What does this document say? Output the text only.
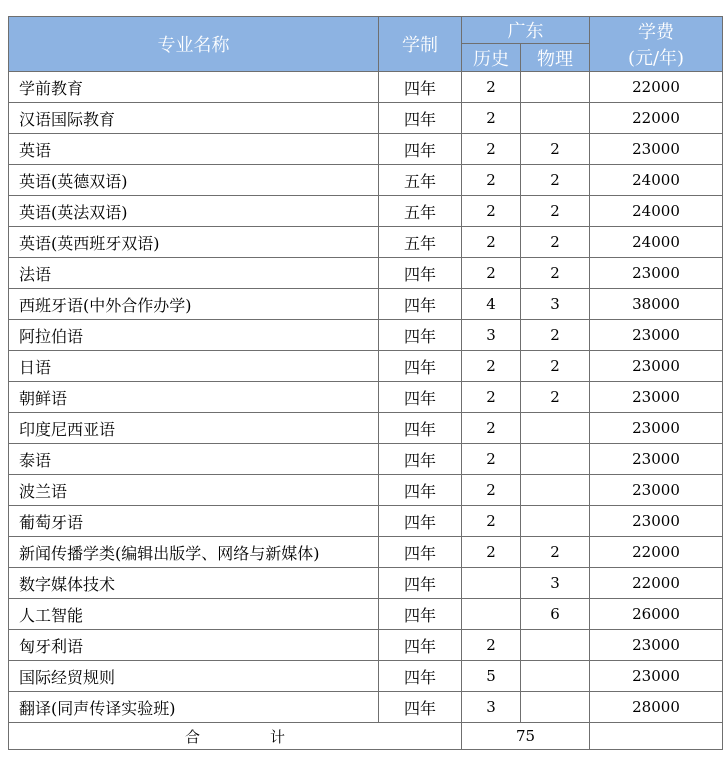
专业名称	学制	广东		学费
(元/年)

		历史	物理	
学前教育	四年	2		22000
汉语国际教育	四年	2		22000
英语	四年	2	2	23000
英语(英德双语)	五年	2	2	24000
英语(英法双语)	五年	2	2	24000
英语(英西班牙双语)	五年	2	2	24000
法语	四年	2	2	23000
西班牙语(中外合作办学)	四年	4	3	38000
阿拉伯语	四年	3	2	23000
日语	四年	2	2	23000
朝鲜语	四年	2	2	23000
印度尼西亚语	四年	2		23000
泰语	四年	2		23000
波兰语	四年	2		23000
葡萄牙语	四年	2		23000
新闻传播学类(编辑出版学、网络与新媒体)	四年	2	2	22000
数字媒体技术	四年		3	22000
人工智能	四年		6	26000
匈牙利语	四年	2		23000
国际经贸规则	四年	5		23000
翻译(同声传译实验班)	四年	3		28000
合 计		75		
